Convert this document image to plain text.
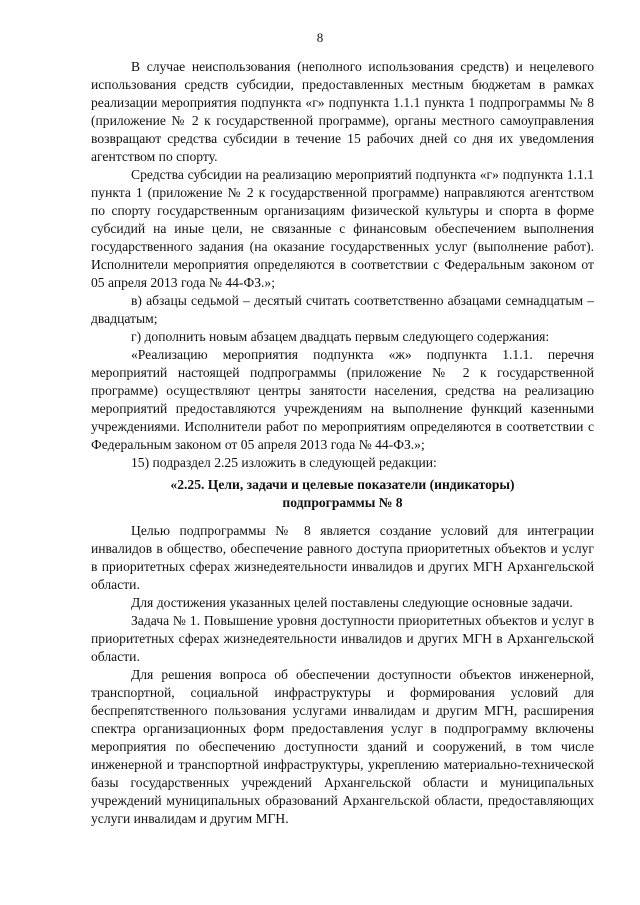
8

В случае неиспользования (неполного использования средств) и нецелевого использования средств субсидии, предоставленных местным бюджетам в рамках реализации мероприятия подпункта «г» подпункта 1.1.1 пункта 1 подпрограммы № 8 (приложение № 2 к государственной программе), органы местного самоуправления возвращают средства субсидии в течение 15 рабочих дней со дня их уведомления агентством по спорту.

Средства субсидии на реализацию мероприятий подпункта «г» подпункта 1.1.1 пункта 1 (приложение № 2 к государственной программе) направляются агентством по спорту государственным организациям физической культуры и спорта в форме субсидий на иные цели, не связанные с финансовым обеспечением выполнения государственного задания (на оказание государственных услуг (выполнение работ). Исполнители мероприятия определяются в соответствии с Федеральным законом от 05 апреля 2013 года № 44-ФЗ.»;

в) абзацы седьмой – десятый считать соответственно абзацами семнадцатым – двадцатым;

г) дополнить новым абзацем двадцать первым следующего содержания:

«Реализацию мероприятия подпункта «ж» подпункта 1.1.1. перечня мероприятий настоящей подпрограммы (приложение № 2 к государственной программе) осуществляют центры занятости населения, средства на реализацию мероприятий предоставляются учреждениям на выполнение функций казенными учреждениями. Исполнители работ по мероприятиям определяются в соответствии с Федеральным законом от 05 апреля 2013 года № 44-ФЗ.»;

15) подраздел 2.25 изложить в следующей редакции:

«2.25. Цели, задачи и целевые показатели (индикаторы)

подпрограммы № 8

Целью подпрограммы № 8 является создание условий для интеграции инвалидов в общество, обеспечение равного доступа приоритетных объектов и услуг в приоритетных сферах жизнедеятельности инвалидов и других МГН Архангельской области.

Для достижения указанных целей поставлены следующие основные задачи.

Задача № 1. Повышение уровня доступности приоритетных объектов и услуг в приоритетных сферах жизнедеятельности инвалидов и других МГН в Архангельской области.

Для решения вопроса об обеспечении доступности объектов инженерной, транспортной, социальной инфраструктуры и формирования условий для беспрепятственного пользования услугами инвалидам и другим МГН, расширения спектра организационных форм предоставления услуг в подпрограмму включены мероприятия по обеспечению доступности зданий и сооружений, в том числе инженерной и транспортной инфраструктуры, укреплению материально-технической базы государственных учреждений Архангельской области и муниципальных учреждений муниципальных образований Архангельской области, предоставляющих услуги инвалидам и другим МГН.
